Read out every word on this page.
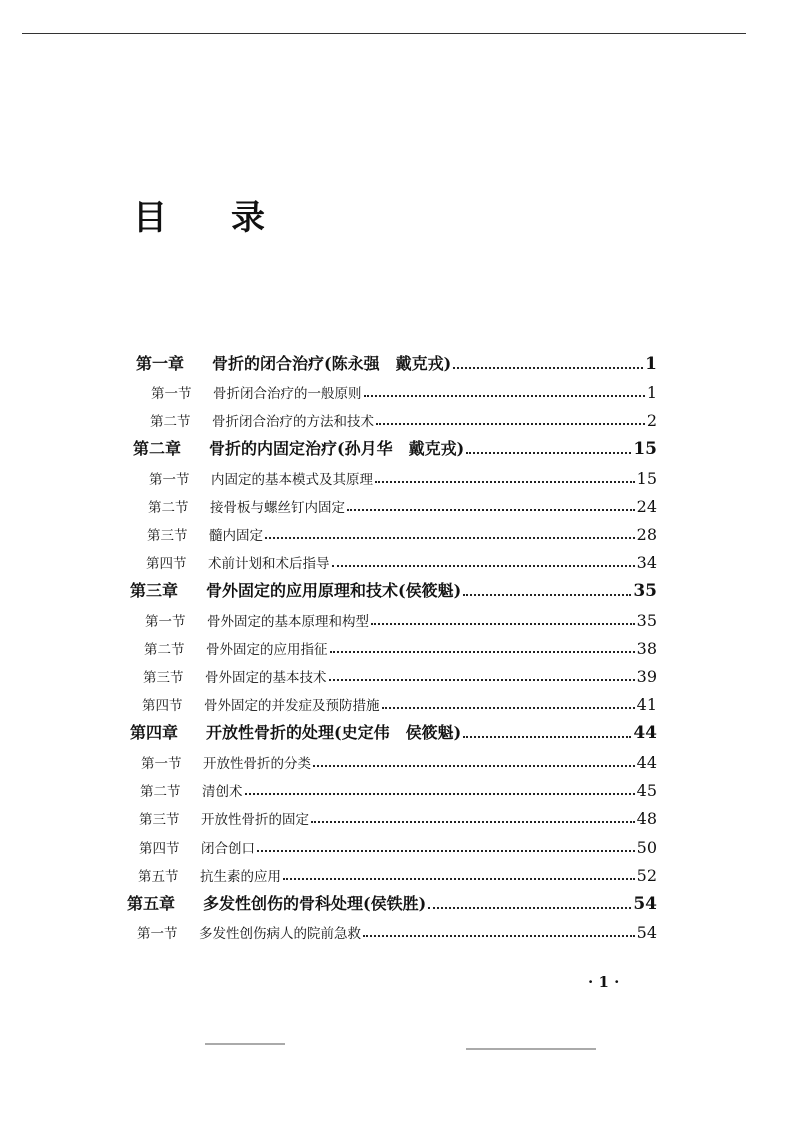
目 录
第一章	骨折的闭合治疗(陈永强　戴克戎)	1
第一节	骨折闭合治疗的一般原则	1
第二节	骨折闭合治疗的方法和技术	2
第二章	骨折的内固定治疗(孙月华　戴克戎)	15
第一节	内固定的基本模式及其原理	15
第二节	接骨板与螺丝钉内固定	24
第三节	髓内固定	28
第四节	术前计划和术后指导	34
第三章	骨外固定的应用原理和技术(侯筱魁)	35
第一节	骨外固定的基本原理和构型	35
第二节	骨外固定的应用指征	38
第三节	骨外固定的基本技术	39
第四节	骨外固定的并发症及预防措施	41
第四章	开放性骨折的处理(史定伟　侯筱魁)	44
第一节	开放性骨折的分类	44
第二节	清创术	45
第三节	开放性骨折的固定	48
第四节	闭合创口	50
第五节	抗生素的应用	52
第五章	多发性创伤的骨科处理(侯铁胜)	54
第一节	多发性创伤病人的院前急救	54
· 1 ·
